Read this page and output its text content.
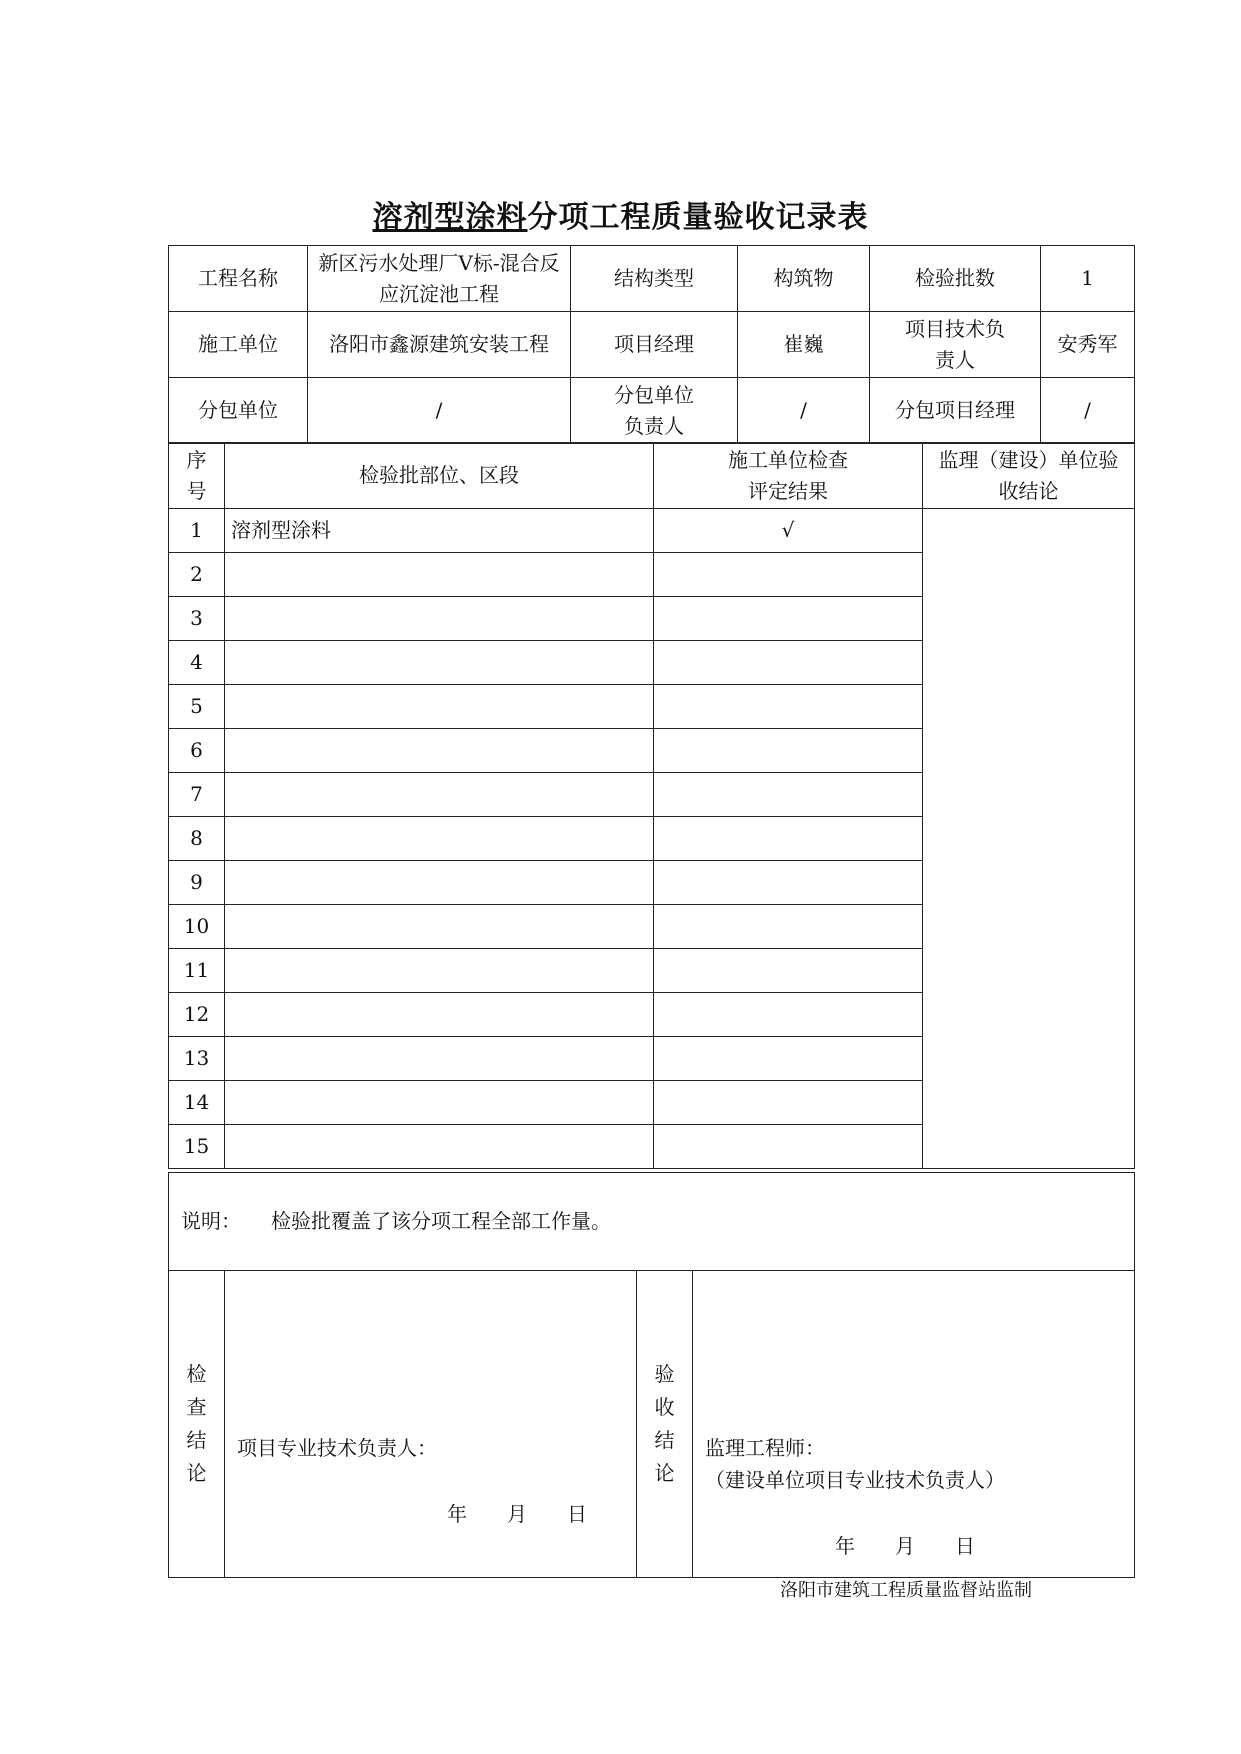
溶剂型涂料分项工程质量验收记录表
工程名称	新区污水处理厂Ⅴ标-混合反应沉淀池工程	结构类型	构筑物	检验批数	1
施工单位	洛阳市鑫源建筑安装工程	项目经理	崔巍	项目技术负责人	安秀军
分包单位	/	分包单位负责人	/	分包项目经理	/
序号	检验批部位、区段	施工单位检查评定结果	监理（建设）单位验收结论
1	溶剂型涂料	√	
2			
3			
4			
5			
6			
7			
8			
9			
10			
11			
12			
13			
14			
15			
说明： 检验批覆盖了该分项工程全部工作量。
检查结论	
项目专业技术负责人：
年　　月　　日
	验收结论	
监理工程师：
（建设单位项目专业技术负责人）
年　　月　　日
洛阳市建筑工程质量监督站监制
